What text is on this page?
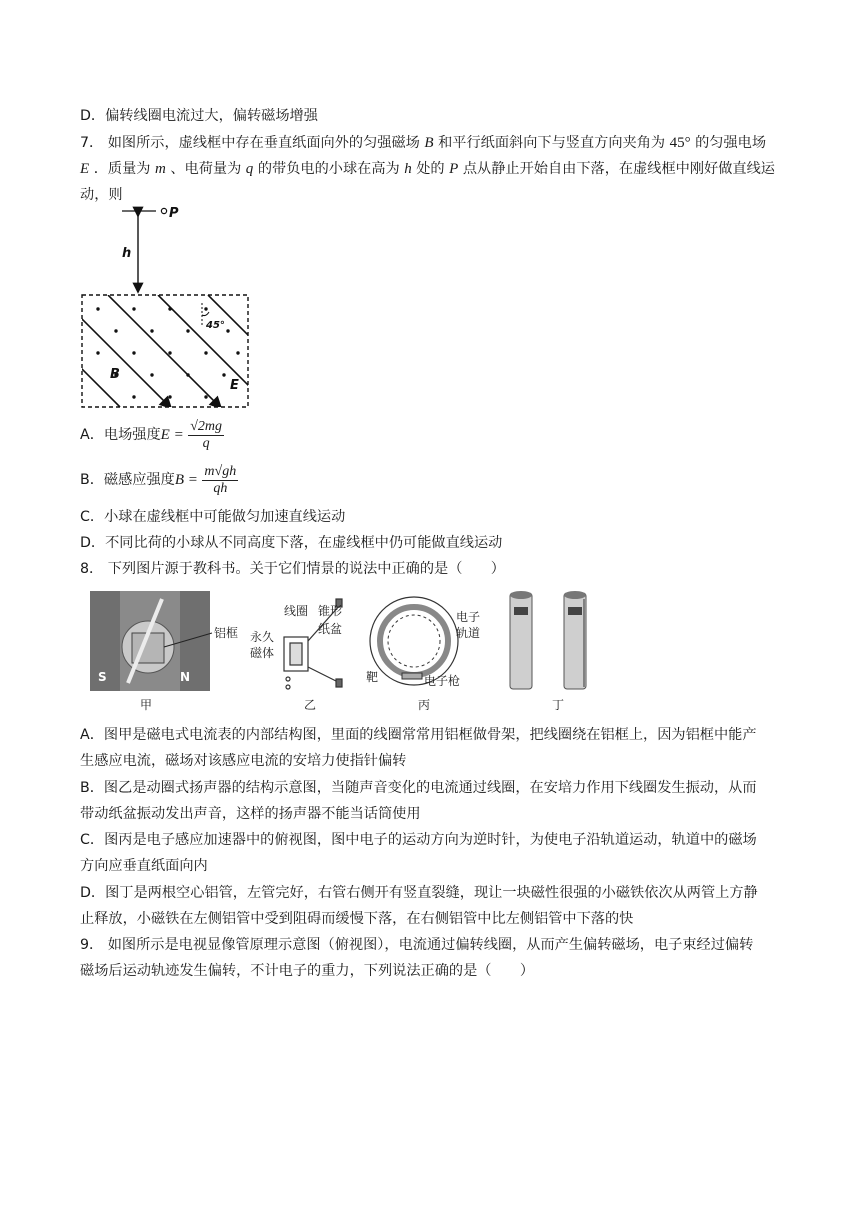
D．偏转线圈电流过大，偏转磁场增强
7． 如图所示，虚线框中存在垂直纸面向外的匀强磁场 B 和平行纸面斜向下与竖直方向夹角为 45° 的匀强电场
E ．质量为 m 、电荷量为 q 的带负电的小球在高为 h 处的 P 点从静止开始自由下落，在虚线框中刚好做直线运
动，则
P
h
45°
B
E
A．电场强度$E = \frac{√2mg}{q}$
B．磁感应强度$B = \frac{m√gh}{qh}$
C．小球在虚线框中可能做匀加速直线运动
D．不同比荷的小球从不同高度下落，在虚线框中仍可能做直线运动
8． 下列图片源于教科书。关于它们情景的说法中正确的是（　　）
S	N
铝框
甲
线圈 锥形
纸盆
永久
磁体
乙
电子
轨道
靶	电子枪
丙	丁
A．图甲是磁电式电流表的内部结构图，里面的线圈常常用铝框做骨架，把线圈绕在铝框上，因为铝框中能产
生感应电流，磁场对该感应电流的安培力使指针偏转
B．图乙是动圈式扬声器的结构示意图，当随声音变化的电流通过线圈，在安培力作用下线圈发生振动，从而
带动纸盆振动发出声音，这样的扬声器不能当话筒使用
C．图丙是电子感应加速器中的俯视图，图中电子的运动方向为逆时针，为使电子沿轨道运动，轨道中的磁场
方向应垂直纸面向内
D．图丁是两根空心铝管，左管完好，右管右侧开有竖直裂缝，现让一块磁性很强的小磁铁依次从两管上方静
止释放，小磁铁在左侧铝管中受到阻碍而缓慢下落，在右侧铝管中比左侧铝管中下落的快
9． 如图所示是电视显像管原理示意图（俯视图），电流通过偏转线圈，从而产生偏转磁场，电子束经过偏转
磁场后运动轨迹发生偏转，不计电子的重力，下列说法正确的是（　　）
